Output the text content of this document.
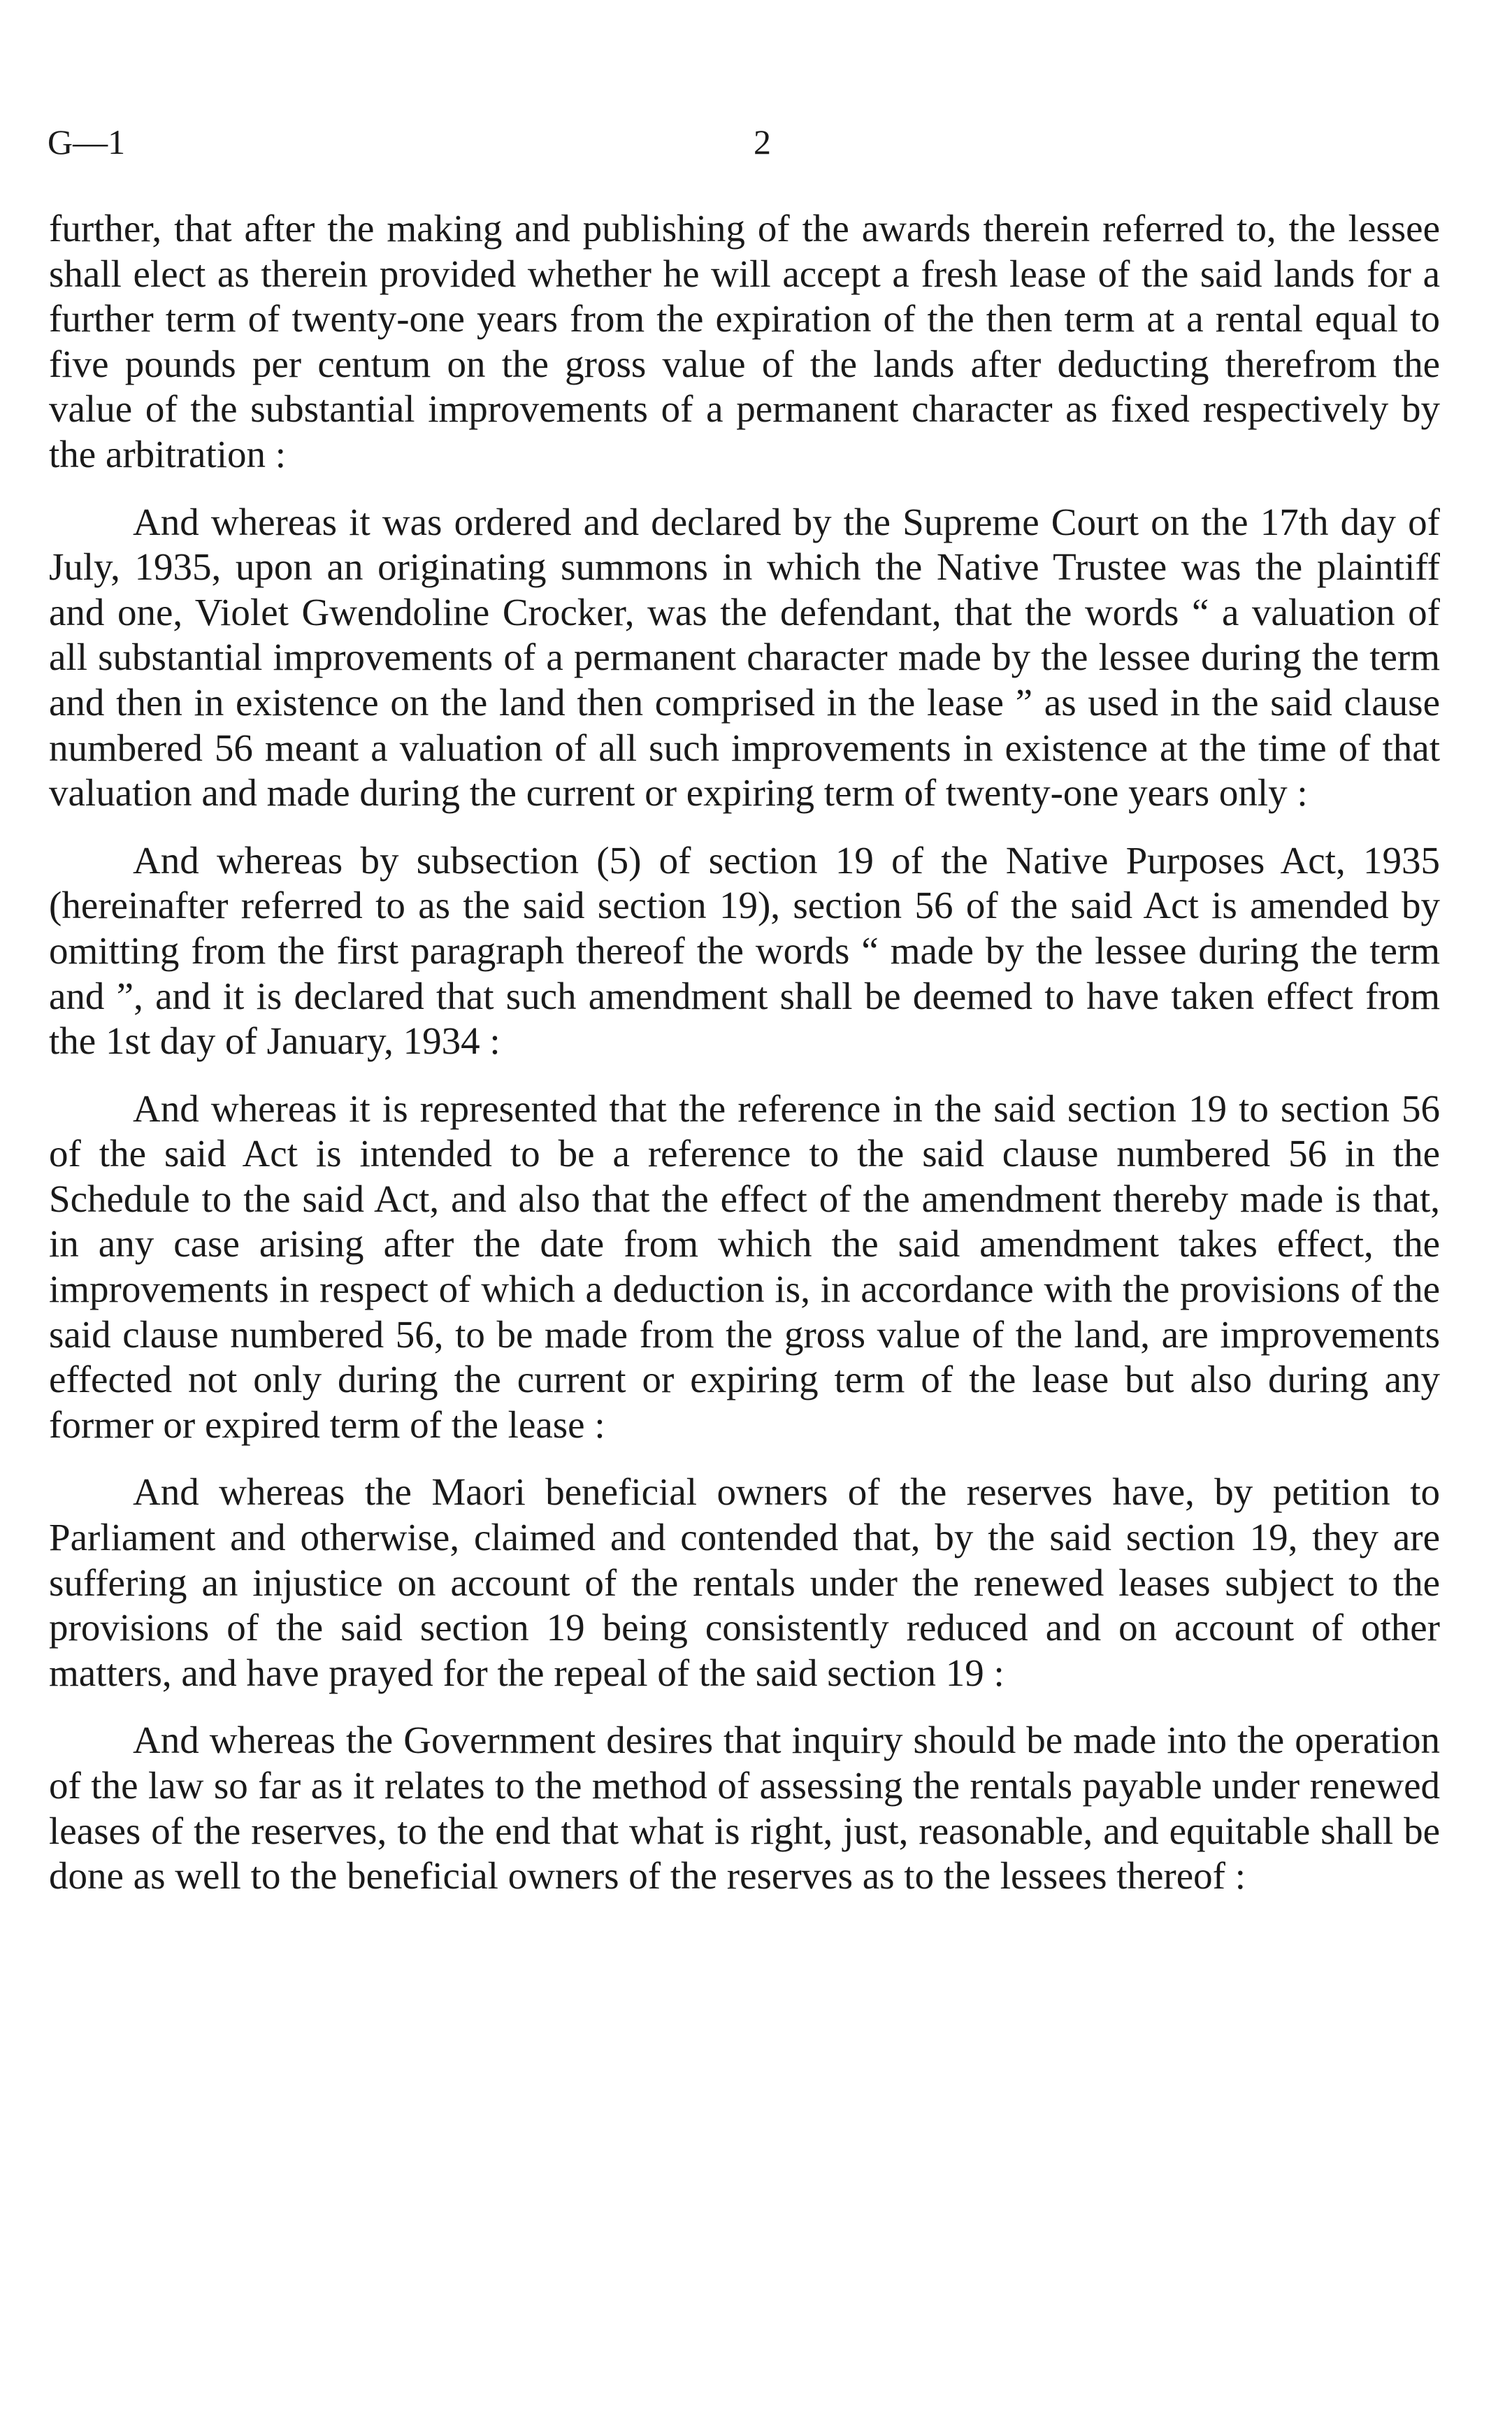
G—1	2

further, that after the making and publishing of the awards therein referred to, the lessee shall elect as therein provided whether he will accept a fresh lease of the said lands for a further term of twenty-one years from the expiration of the then term at a rental equal to five pounds per centum on the gross value of the lands after deducting therefrom the value of the substantial improvements of a permanent character as fixed respectively by the arbitration :

And whereas it was ordered and declared by the Supreme Court on the 17th day of July, 1935, upon an originating summons in which the Native Trustee was the plaintiff and one, Violet Gwendoline Crocker, was the defendant, that the words “ a valuation of all substantial improvements of a permanent character made by the lessee during the term and then in existence on the land then comprised in the lease ” as used in the said clause numbered 56 meant a valuation of all such improvements in existence at the time of that valuation and made during the current or expiring term of twenty-one years only :

And whereas by subsection (5) of section 19 of the Native Purposes Act, 1935 (hereinafter referred to as the said section 19), section 56 of the said Act is amended by omitting from the first paragraph thereof the words “ made by the lessee during the term and ”, and it is declared that such amendment shall be deemed to have taken effect from the 1st day of January, 1934 :

And whereas it is represented that the reference in the said section 19 to section 56 of the said Act is intended to be a reference to the said clause numbered 56 in the Schedule to the said Act, and also that the effect of the amendment thereby made is that, in any case arising after the date from which the said amendment takes effect, the improvements in respect of which a deduction is, in accordance with the provisions of the said clause numbered 56, to be made from the gross value of the land, are improvements effected not only during the current or expiring term of the lease but also during any former or expired term of the lease :

And whereas the Maori beneficial owners of the reserves have, by petition to Parliament and otherwise, claimed and contended that, by the said section 19, they are suffering an injustice on account of the rentals under the renewed leases subject to the provisions of the said section 19 being consistently reduced and on account of other matters, and have prayed for the repeal of the said section 19 :

And whereas the Government desires that inquiry should be made into the operation of the law so far as it relates to the method of assessing the rentals payable under renewed leases of the reserves, to the end that what is right, just, reasonable, and equitable shall be done as well to the beneficial owners of the reserves as to the lessees thereof :
